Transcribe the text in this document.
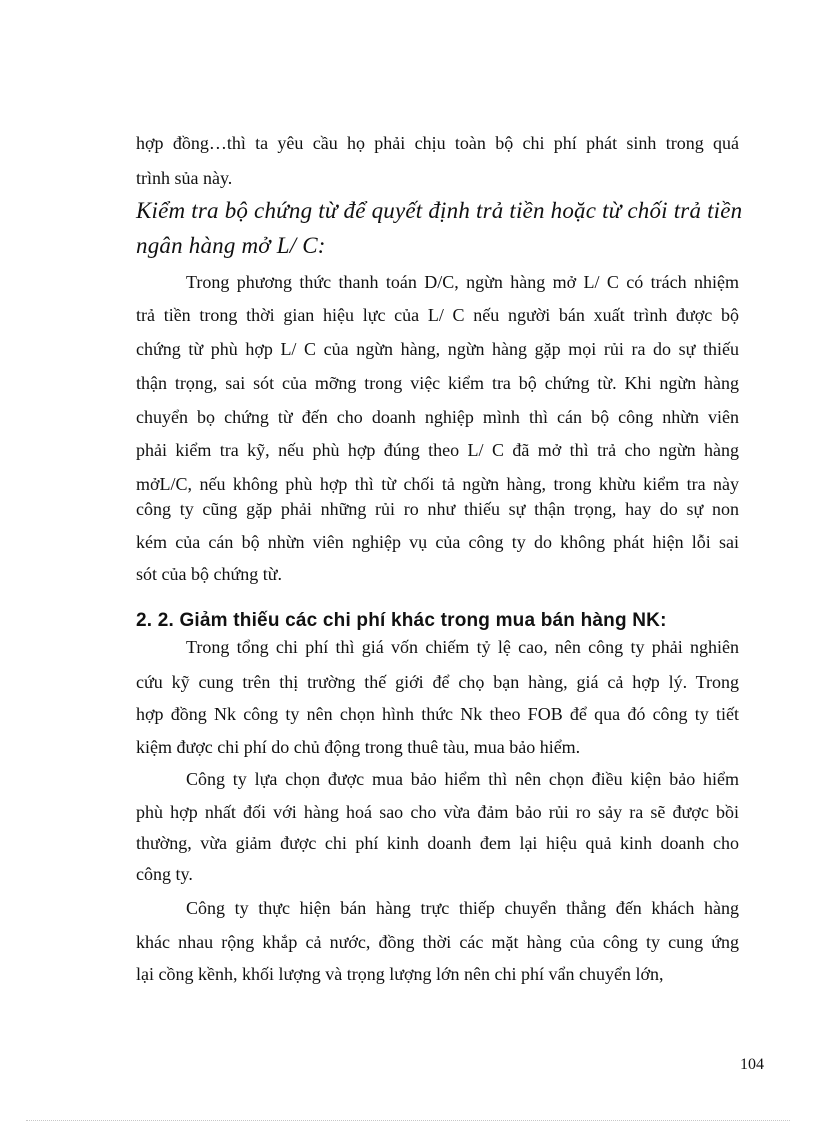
hợp đồng…thì ta yêu cầu họ phải chịu toàn bộ chi phí phát sinh trong quá
trình sủa này.
Kiểm tra bộ chứng từ để quyết định trả tiền hoặc từ chối trả tiền
ngân hàng mở L/ C:
Trong phương thức thanh toán D/C, ngừn hàng mở L/ C có trách nhiệm
trả tiền trong thời gian hiệu lực của L/ C nếu người bán xuất trình được bộ
chứng từ phù hợp L/ C của ngừn hàng, ngừn hàng gặp mọi rủi ra do sự thiếu
thận trọng, sai sót của mỡng trong việc kiểm tra bộ chứng từ. Khi ngừn hàng
chuyển bọ chứng từ đến cho doanh nghiệp mình thì cán bộ công nhừn viên
phải kiểm tra kỹ, nếu phù hợp đúng theo L/ C đã mở thì trả cho ngừn hàng
mởL/C, nếu không phù hợp thì từ chối tả ngừn hàng, trong khừu kiểm tra này
công ty cũng gặp phải những rủi ro như thiếu sự thận trọng, hay do sự non
kém của cán bộ nhừn viên nghiệp vụ của công ty do không phát hiện lỗi sai
sót của bộ chứng từ.
2. 2. Giảm thiếu các chi phí khác trong mua bán hàng NK:
Trong tổng chi phí thì giá vốn chiếm tỷ lệ cao, nên công ty phải nghiên
cứu kỹ cung trên thị trường thế giới để chọ bạn hàng, giá cả hợp lý. Trong
hợp đồng Nk công ty nên chọn hình thức Nk theo FOB để qua đó công ty tiết
kiệm được chi phí do chủ động trong thuê tàu, mua bảo hiểm.
Công ty lựa chọn được mua bảo hiểm thì nên chọn điều kiện bảo hiểm
phù hợp nhất đối với hàng hoá sao cho vừa đảm bảo rủi ro sảy ra sẽ được bồi
thường, vừa giảm được chi phí kinh doanh đem lại hiệu quả kinh doanh cho
công ty.
Công ty thực hiện bán hàng trực thiếp chuyển thẳng đến khách hàng
khác nhau rộng khắp cả nước, đồng thời các mặt hàng của công ty cung ứng
lại cồng kềnh, khối lượng và trọng lượng lớn nên chi phí vẩn chuyển lớn,
104
